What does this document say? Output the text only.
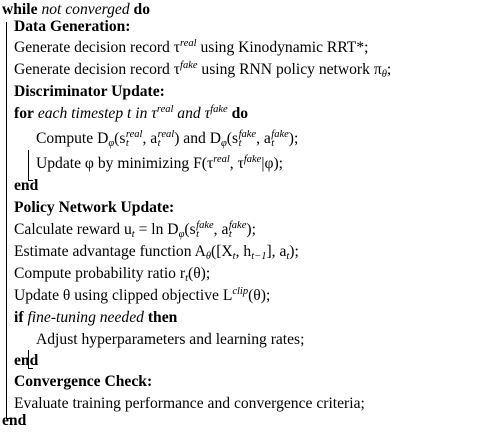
while not converged do
Data Generation:
Generate decision record $\tau^{real}$ using Kinodynamic RRT*;
Generate decision record $\tau^{fake}$ using RNN policy network $\pi_\theta$;
Discriminator Update:
for each timestep t in $\tau^{real}$ and $\tau^{fake}$ do
Compute $D_\varphi(s$ real
t , a real
t ) and $D_\varphi(s$ fake
t , a fake
t );
Update φ by minimizing $F(\tau^{real}$, $\tau^{fake}|\varphi$);
end
Policy Network Update:
Calculate reward $u_t = \ln D_\varphi(s$ fake
t , a fake
t );
Estimate advantage function $A_\theta([X_t$, $h_{t-1}$], $a_t$);
Compute probability ratio $r_t(\theta)$;
Update θ using clipped objective $L^{clip}(\theta)$;
if fine-tuning needed then
Adjust hyperparameters and learning rates;
end
Convergence Check:
Evaluate training performance and convergence criteria;
end
